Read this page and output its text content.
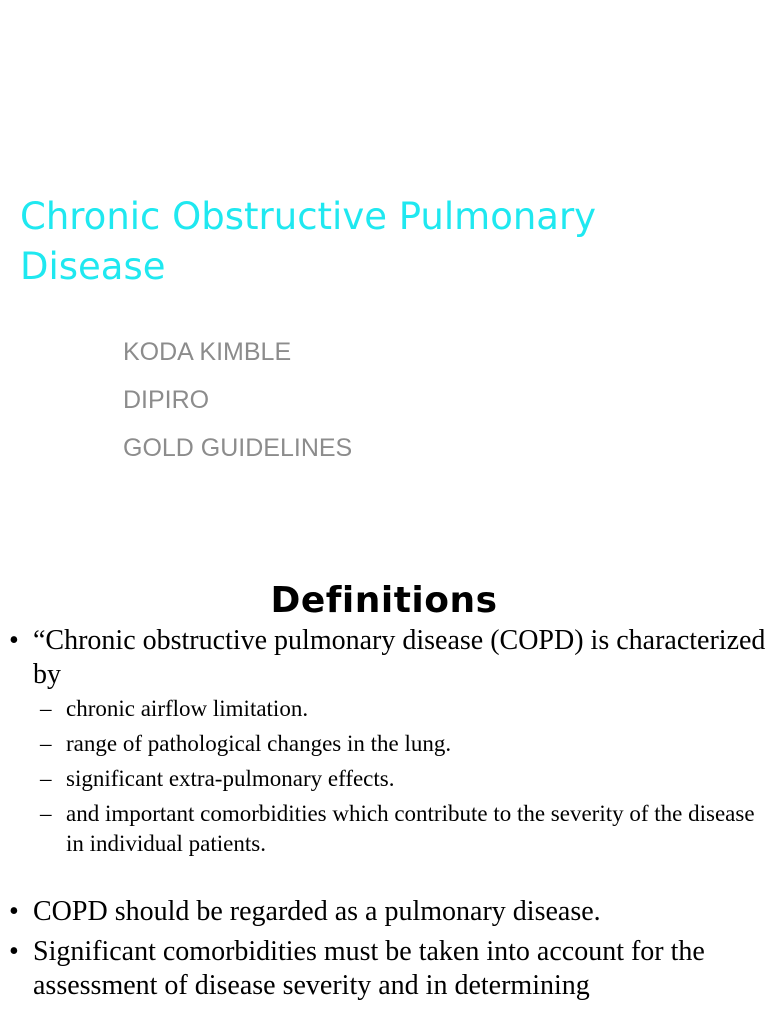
Chronic Obstructive Pulmonary Disease
KODA KIMBLE
DIPIRO
GOLD GUIDELINES
Definitions

• “Chronic obstructive pulmonary disease (COPD) is characterized by

– chronic airflow limitation.
– range of pathological changes in the lung.
– significant extra-pulmonary effects.
– and important comorbidities which contribute to the severity of the disease in individual patients.

• COPD should be regarded as a pulmonary disease.

• Significant comorbidities must be taken into account for the assessment of disease severity and in determining
